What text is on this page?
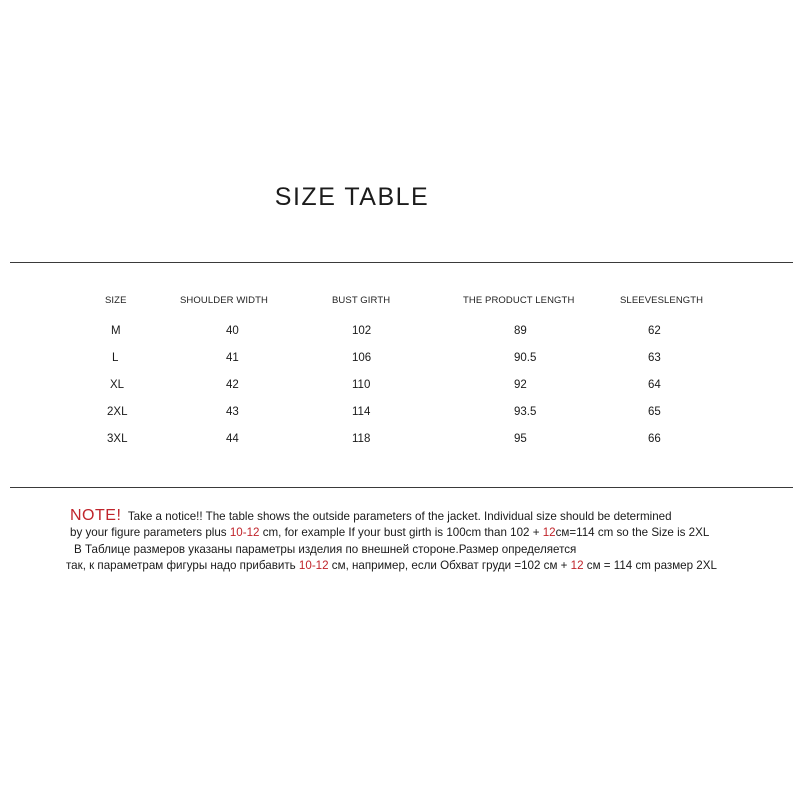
SIZE TABLE
SIZE	SHOULDER WIDTH	BUST GIRTH	THE PRODUCT LENGTH	SLEEVESLENGTH
M	40	102	89	62
L	41	106	90.5	63
XL	42	110	92	64
2XL	43	114	93.5	65
3XL	44	118	95	66
NOTE! Take a notice!! The table shows the outside parameters of the jacket. Individual size should be determined
by your figure parameters plus 10-12 cm, for example If your bust girth is 100cm than 102 + 12см=114 cm so the Size is 2XL
В Таблице размеров указаны параметры изделия по внешней стороне.Размер определяется
так, к параметрам фигуры надо прибавить 10-12 см, например, если Обхват груди =102 см + 12 см = 114 cm размер 2XL
